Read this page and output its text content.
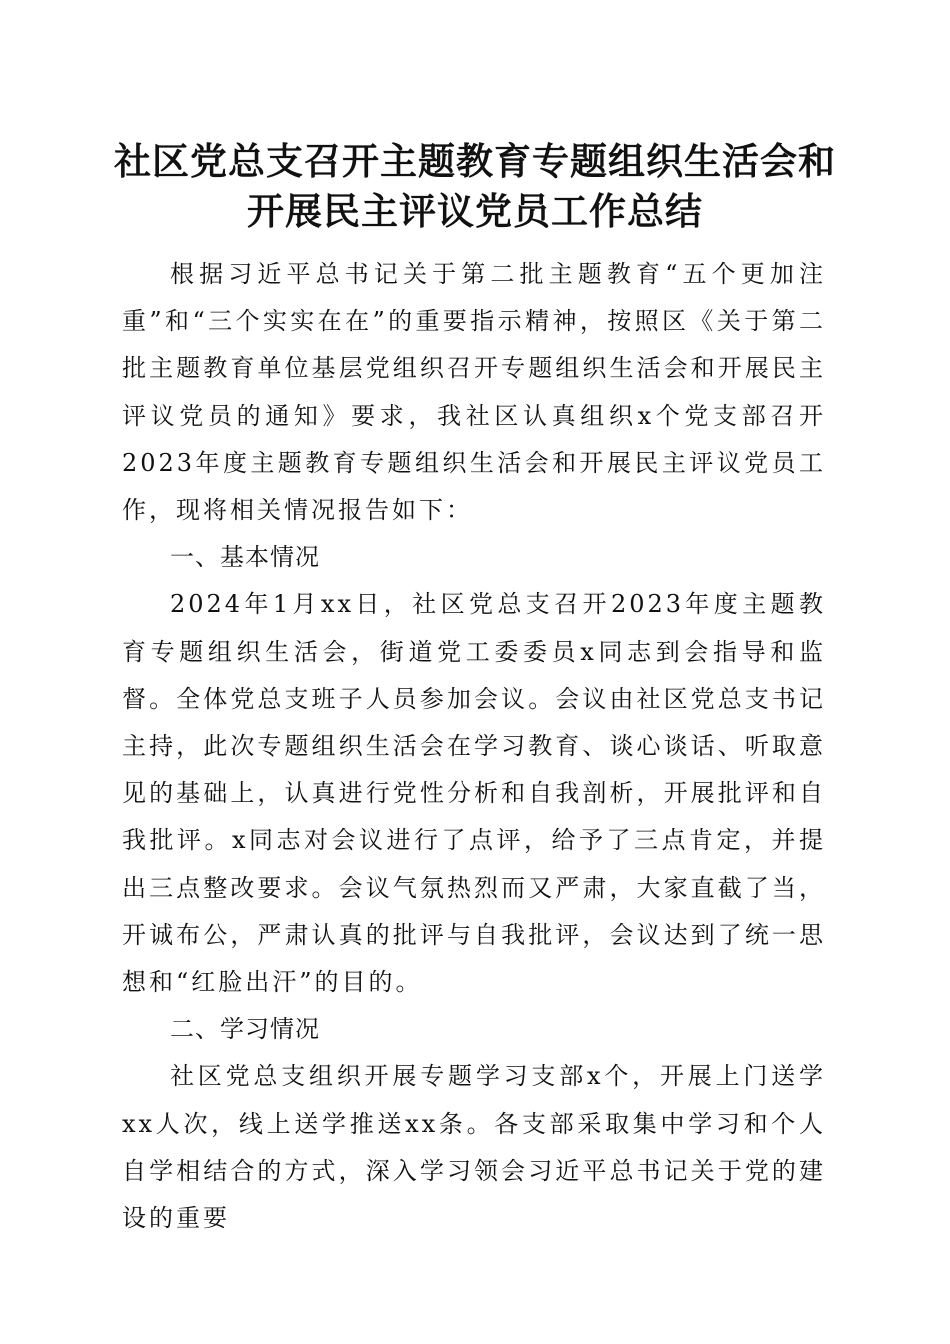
社区党总支召开主题教育专题组织生活会和开展民主评议党员工作总结

根据习近平总书记关于第二批主题教育“五个更加注重”和“三个实实在在”的重要指示精神，按照区《关于第二批主题教育单位基层党组织召开专题组织生活会和开展民主评议党员的通知》要求，我社区认真组织x个党支部召开2023年度主题教育专题组织生活会和开展民主评议党员工作，现将相关情况报告如下：

一、基本情况

2024年1月xx日，社区党总支召开2023年度主题教育专题组织生活会，街道党工委委员x同志到会指导和监督。全体党总支班子人员参加会议。会议由社区党总支书记主持，此次专题组织生活会在学习教育、谈心谈话、听取意见的基础上，认真进行党性分析和自我剖析，开展批评和自我批评。x同志对会议进行了点评，给予了三点肯定，并提出三点整改要求。会议气氛热烈而又严肃，大家直截了当，开诚布公，严肃认真的批评与自我批评，会议达到了统一思想和“红脸出汗”的目的。

二、学习情况

社区党总支组织开展专题学习支部x个，开展上门送学xx人次，线上送学推送xx条。各支部采取集中学习和个人自学相结合的方式，深入学习领会习近平总书记关于党的建设的重要
